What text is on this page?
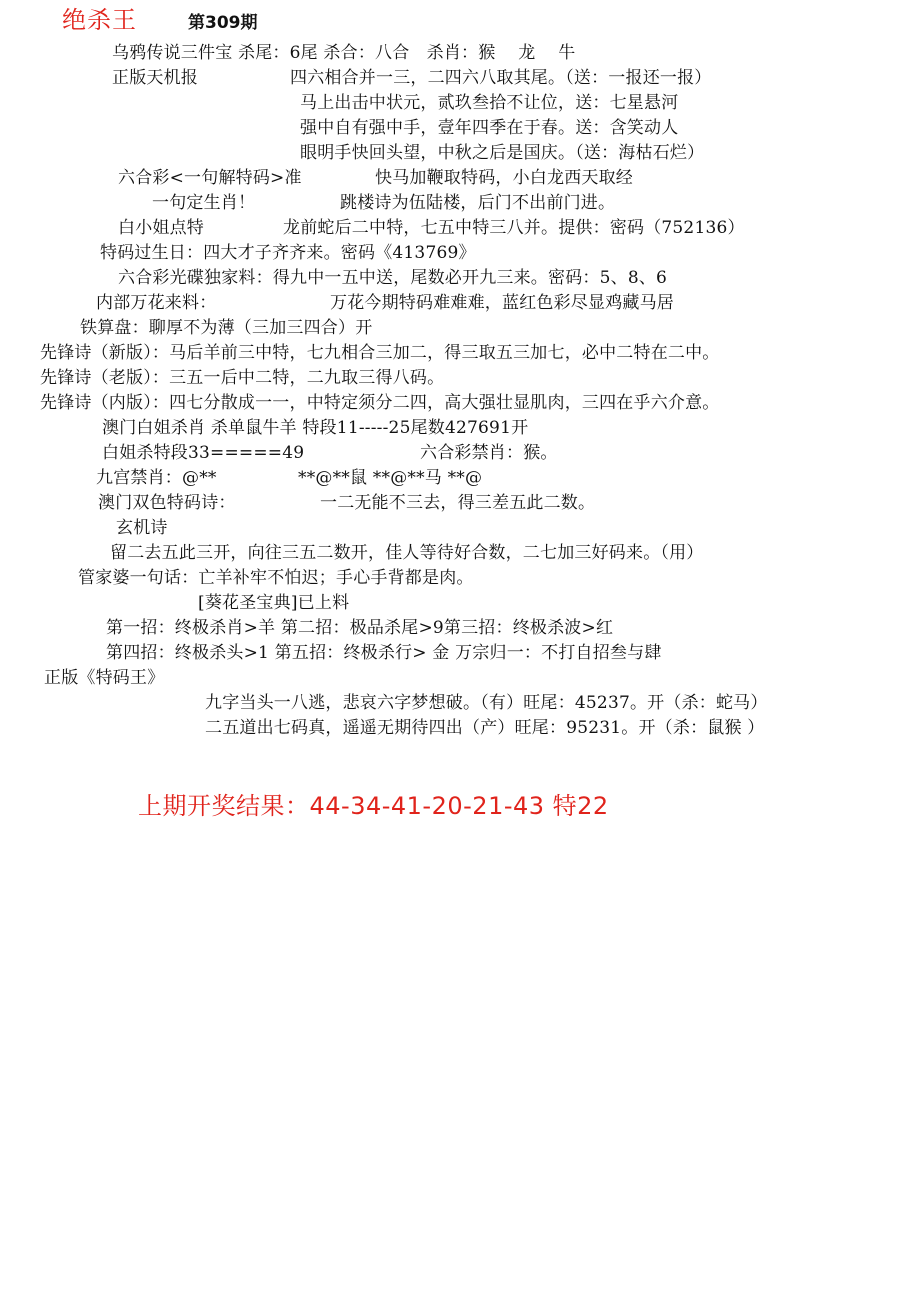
绝杀王	第309期
乌鸦传说三件宝 杀尾：6尾 杀合：八合　杀肖：猴　 龙　 牛
正版天机报	四六相合并一三，二四六八取其尾。（送：一报还一报）
马上出击中状元，贰玖叁拾不让位，送：七星悬河
强中自有强中手，壹年四季在于春。送：含笑动人
眼明手快回头望，中秋之后是国庆。（送：海枯石烂）
六合彩<一句解特码>准	快马加鞭取特码，小白龙西天取经
一句定生肖！	跳楼诗为伍陆楼，后门不出前门进。
白小姐点特	龙前蛇后二中特，七五中特三八并。提供：密码（752136）
特码过生日：四大才子齐齐来。密码《413769》
六合彩光碟独家料：得九中一五中送，尾数必开九三来。密码：5、8、6
内部万花来料：	万花今期特码难难难，蓝红色彩尽显鸡藏马居
铁算盘：聊厚不为薄（三加三四合）开
先锋诗（新版）：马后羊前三中特，七九相合三加二，得三取五三加七，必中二特在二中。
先锋诗（老版）：三五一后中二特，二九取三得八码。
先锋诗（内版）：四七分散成一一，中特定须分二四，高大强壮显肌肉，三四在乎六介意。
澳门白姐杀肖 杀单鼠牛羊 特段11-----25尾数427691开
白姐杀特段33=====49	六合彩禁肖：猴。
九宫禁肖：@**	**@**鼠 **@**马 **@
澳门双色特码诗：	一二无能不三去，得三差五此二数。
玄机诗
留二去五此三开，向往三五二数开，佳人等待好合数，二七加三好码来。（用）
管家婆一句话：亡羊补牢不怕迟；手心手背都是肉。
[葵花圣宝典]已上料
第一招：终极杀肖>羊 第二招：极品杀尾>9第三招：终极杀波>红
第四招：终极杀头>1 第五招：终极杀行> 金 万宗归一：不打自招叁与肆
正版《特码王》
九字当头一八逃，悲哀六字梦想破。（有）旺尾：45237。开（杀：蛇马）
二五道出七码真，遥遥无期待四出（产）旺尾：95231。开（杀：鼠猴 ）
上期开奖结果：44-34-41-20-21-43 特22
